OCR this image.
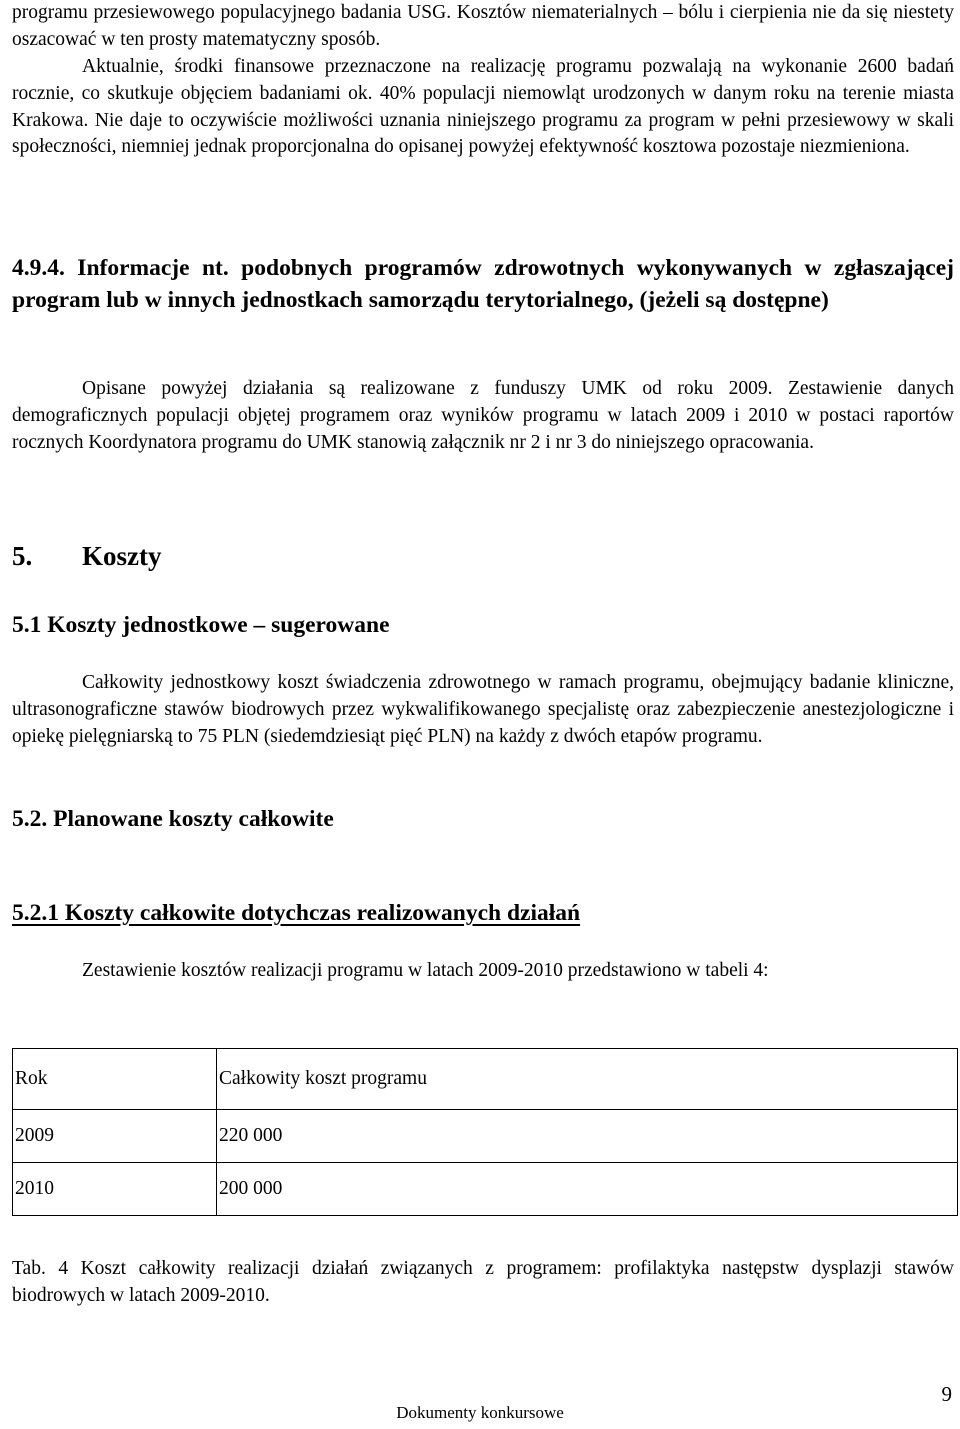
programu przesiewowego populacyjnego badania USG. Kosztów niematerialnych – bólu i cierpienia nie da się niestety oszacować w ten prosty matematyczny sposób.

Aktualnie, środki finansowe przeznaczone na realizację programu pozwalają na wykonanie 2600 badań rocznie, co skutkuje objęciem badaniami ok. 40% populacji niemowląt urodzonych w danym roku na terenie miasta Krakowa. Nie daje to oczywiście możliwości uznania niniejszego programu za program w pełni przesiewowy w skali społeczności, niemniej jednak proporcjonalna do opisanej powyżej efektywność kosztowa pozostaje niezmieniona.

4.9.4. Informacje nt. podobnych programów zdrowotnych wykonywanych w zgłaszającej program lub w innych jednostkach samorządu terytorialnego, (jeżeli są dostępne)

Opisane powyżej działania są realizowane z funduszy UMK od roku 2009. Zestawienie danych demograficznych populacji objętej programem oraz wyników programu w latach 2009 i 2010 w postaci raportów rocznych Koordynatora programu do UMK stanowią załącznik nr 2 i nr 3 do niniejszego opracowania.

5. Koszty

5.1 Koszty jednostkowe – sugerowane

Całkowity jednostkowy koszt świadczenia zdrowotnego w ramach programu, obejmujący badanie kliniczne, ultrasonograficzne stawów biodrowych przez wykwalifikowanego specjalistę oraz zabezpieczenie anestezjologiczne i opiekę pielęgniarską to 75 PLN (siedemdziesiąt pięć PLN) na każdy z dwóch etapów programu.

5.2. Planowane koszty całkowite

5.2.1 Koszty całkowite dotychczas realizowanych działań

Zestawienie kosztów realizacji programu w latach 2009-2010 przedstawiono w tabeli 4:

Rok	Całkowity koszt programu
2009	220 000
2010	200 000

Tab. 4 Koszt całkowity realizacji działań związanych z programem: profilaktyka następstw dysplazji stawów biodrowych w latach 2009-2010.

9
Dokumenty konkursowe
